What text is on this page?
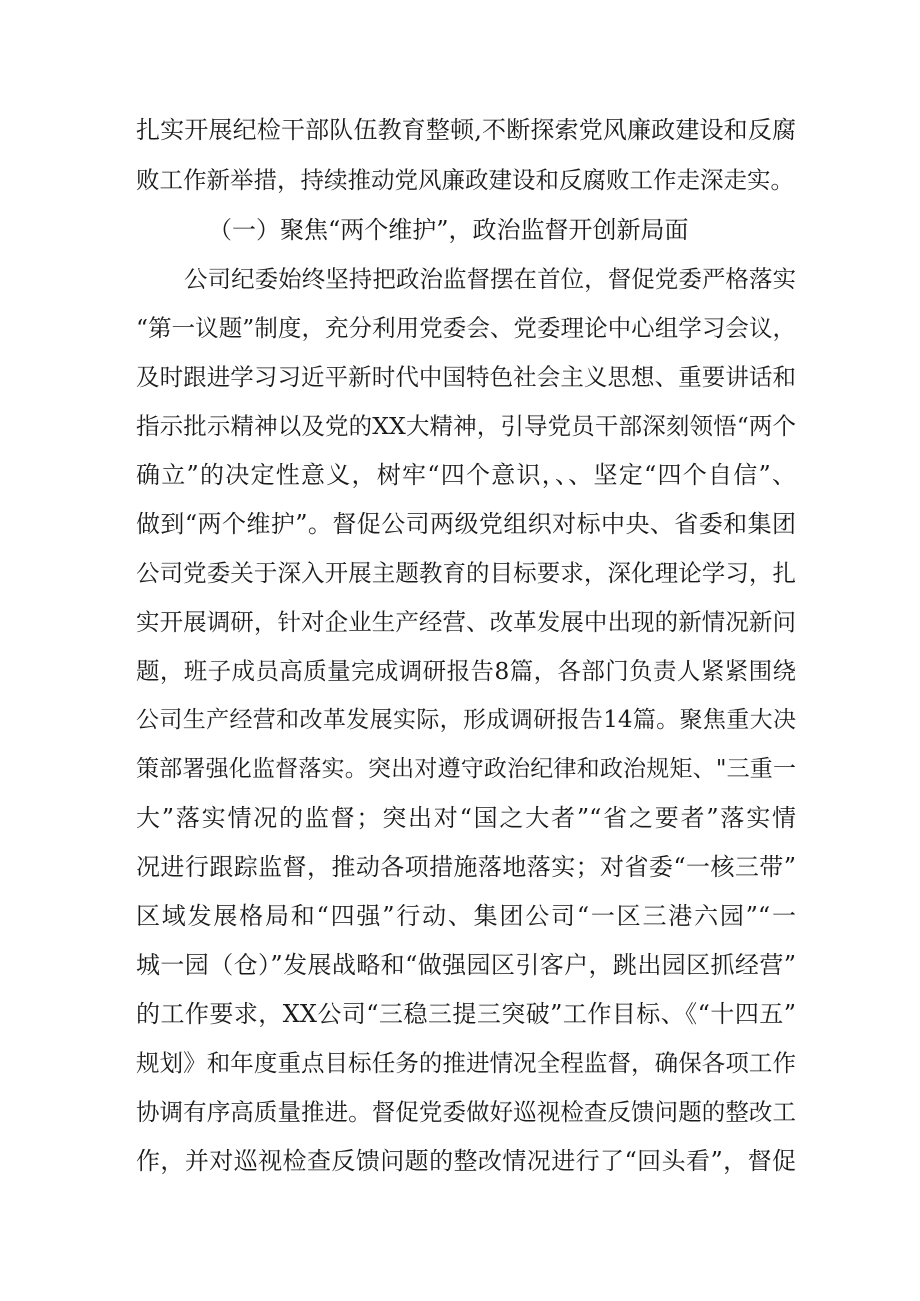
扎实开展纪检干部队伍教育整顿,不断探索党风廉政建设和反腐
败工作新举措，持续推动党风廉政建设和反腐败工作走深走实。
（一）聚焦“两个维护”，政治监督开创新局面
公司纪委始终坚持把政治监督摆在首位，督促党委严格落实
“第一议题”制度，充分利用党委会、党委理论中心组学习会议，
及时跟进学习习近平新时代中国特色社会主义思想、重要讲话和
指示批示精神以及党的XX大精神，引导党员干部深刻领悟“两个
确立”的决定性意义，树牢“四个意识，、、坚定“四个自信”、
做到“两个维护”。督促公司两级党组织对标中央、省委和集团
公司党委关于深入开展主题教育的目标要求，深化理论学习，扎
实开展调研，针对企业生产经营、改革发展中出现的新情况新问
题，班子成员高质量完成调研报告8篇，各部门负责人紧紧围绕
公司生产经营和改革发展实际，形成调研报告14篇。聚焦重大决
策部署强化监督落实。突出对遵守政治纪律和政治规矩、"三重一
大”落实情况的监督；突出对“国之大者”“省之要者”落实情
况进行跟踪监督，推动各项措施落地落实；对省委“一核三带”
区域发展格局和“四强”行动、集团公司“一区三港六园”“一
城一园（仓）”发展战略和“做强园区引客户，跳出园区抓经营”
的工作要求，XX公司“三稳三提三突破”工作目标、《“十四五”
规划》和年度重点目标任务的推进情况全程监督，确保各项工作
协调有序高质量推进。督促党委做好巡视检查反馈问题的整改工
作，并对巡视检查反馈问题的整改情况进行了“回头看”，督促
